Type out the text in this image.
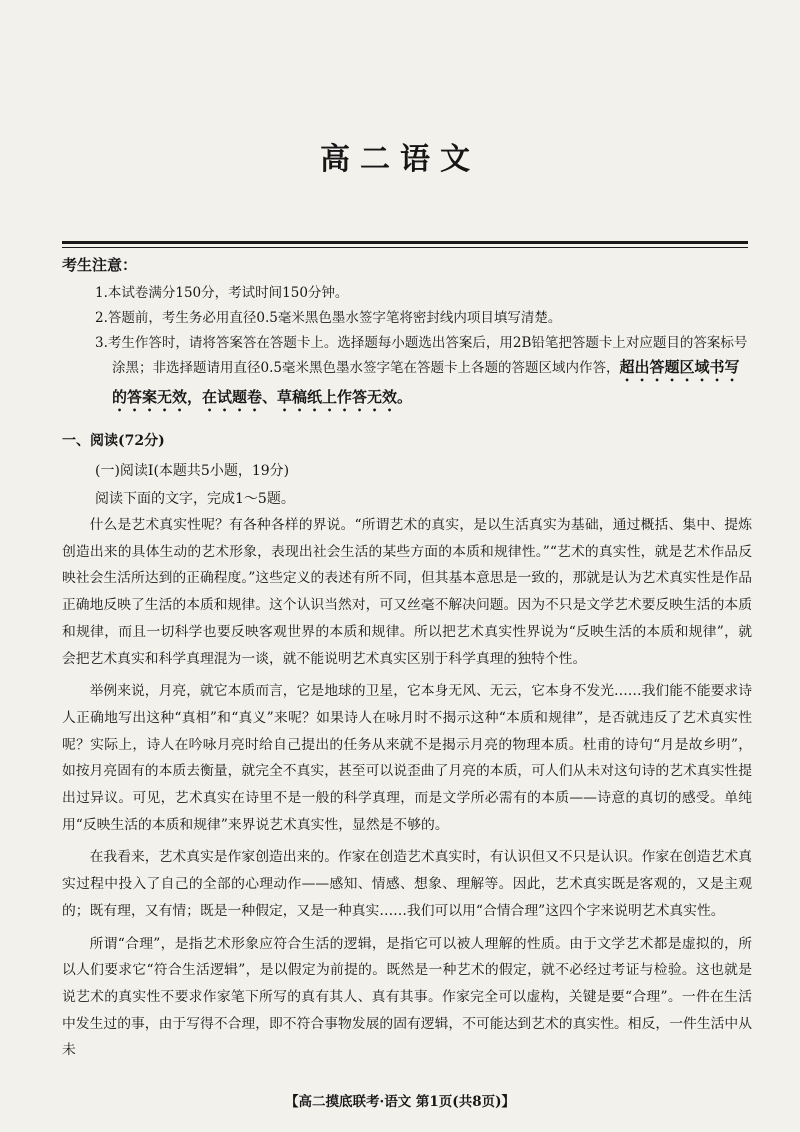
高二语文
考生注意：

1.本试卷满分150分，考试时间150分钟。

2.答题前，考生务必用直径0.5毫米黑色墨水签字笔将密封线内项目填写清楚。

3.考生作答时，请将答案答在答题卡上。选择题每小题选出答案后，用2B铅笔把答题卡上对应题目的答案标号涂黑；非选择题请用直径0.5毫米黑色墨水签字笔在答题卡上各题的答题区域内作答，超出答题区域书写的答案无效，在试题卷、草稿纸上作答无效。

一、阅读(72分)
(一)阅读Ⅰ(本题共5小题，19分)
阅读下面的文字，完成1～5题。

什么是艺术真实性呢？有各种各样的界说。“所谓艺术的真实，是以生活真实为基础，通过概括、集中、提炼创造出来的具体生动的艺术形象，表现出社会生活的某些方面的本质和规律性。”“艺术的真实性，就是艺术作品反映社会生活所达到的正确程度。”这些定义的表述有所不同，但其基本意思是一致的，那就是认为艺术真实性是作品正确地反映了生活的本质和规律。这个认识当然对，可又丝毫不解决问题。因为不只是文学艺术要反映生活的本质和规律，而且一切科学也要反映客观世界的本质和规律。所以把艺术真实性界说为“反映生活的本质和规律”，就会把艺术真实和科学真理混为一谈，就不能说明艺术真实区别于科学真理的独特个性。

举例来说，月亮，就它本质而言，它是地球的卫星，它本身无风、无云，它本身不发光……我们能不能要求诗人正确地写出这种“真相”和“真义”来呢？如果诗人在咏月时不揭示这种“本质和规律”，是否就违反了艺术真实性呢？实际上，诗人在吟咏月亮时给自己提出的任务从来就不是揭示月亮的物理本质。杜甫的诗句“月是故乡明”，如按月亮固有的本质去衡量，就完全不真实，甚至可以说歪曲了月亮的本质，可人们从未对这句诗的艺术真实性提出过异议。可见，艺术真实在诗里不是一般的科学真理，而是文学所必需有的本质——诗意的真切的感受。单纯用“反映生活的本质和规律”来界说艺术真实性，显然是不够的。

在我看来，艺术真实是作家创造出来的。作家在创造艺术真实时，有认识但又不只是认识。作家在创造艺术真实过程中投入了自己的全部的心理动作——感知、情感、想象、理解等。因此，艺术真实既是客观的，又是主观的；既有理，又有情；既是一种假定，又是一种真实……我们可以用“合情合理”这四个字来说明艺术真实性。

所谓“合理”，是指艺术形象应符合生活的逻辑，是指它可以被人理解的性质。由于文学艺术都是虚拟的，所以人们要求它“符合生活逻辑”，是以假定为前提的。既然是一种艺术的假定，就不必经过考证与检验。这也就是说艺术的真实性不要求作家笔下所写的真有其人、真有其事。作家完全可以虚构，关键是要“合理”。一件在生活中发生过的事，由于写得不合理，即不符合事物发展的固有逻辑，不可能达到艺术的真实性。相反，一件生活中从未

【高二摸底联考·语文 第1页(共8页)】
